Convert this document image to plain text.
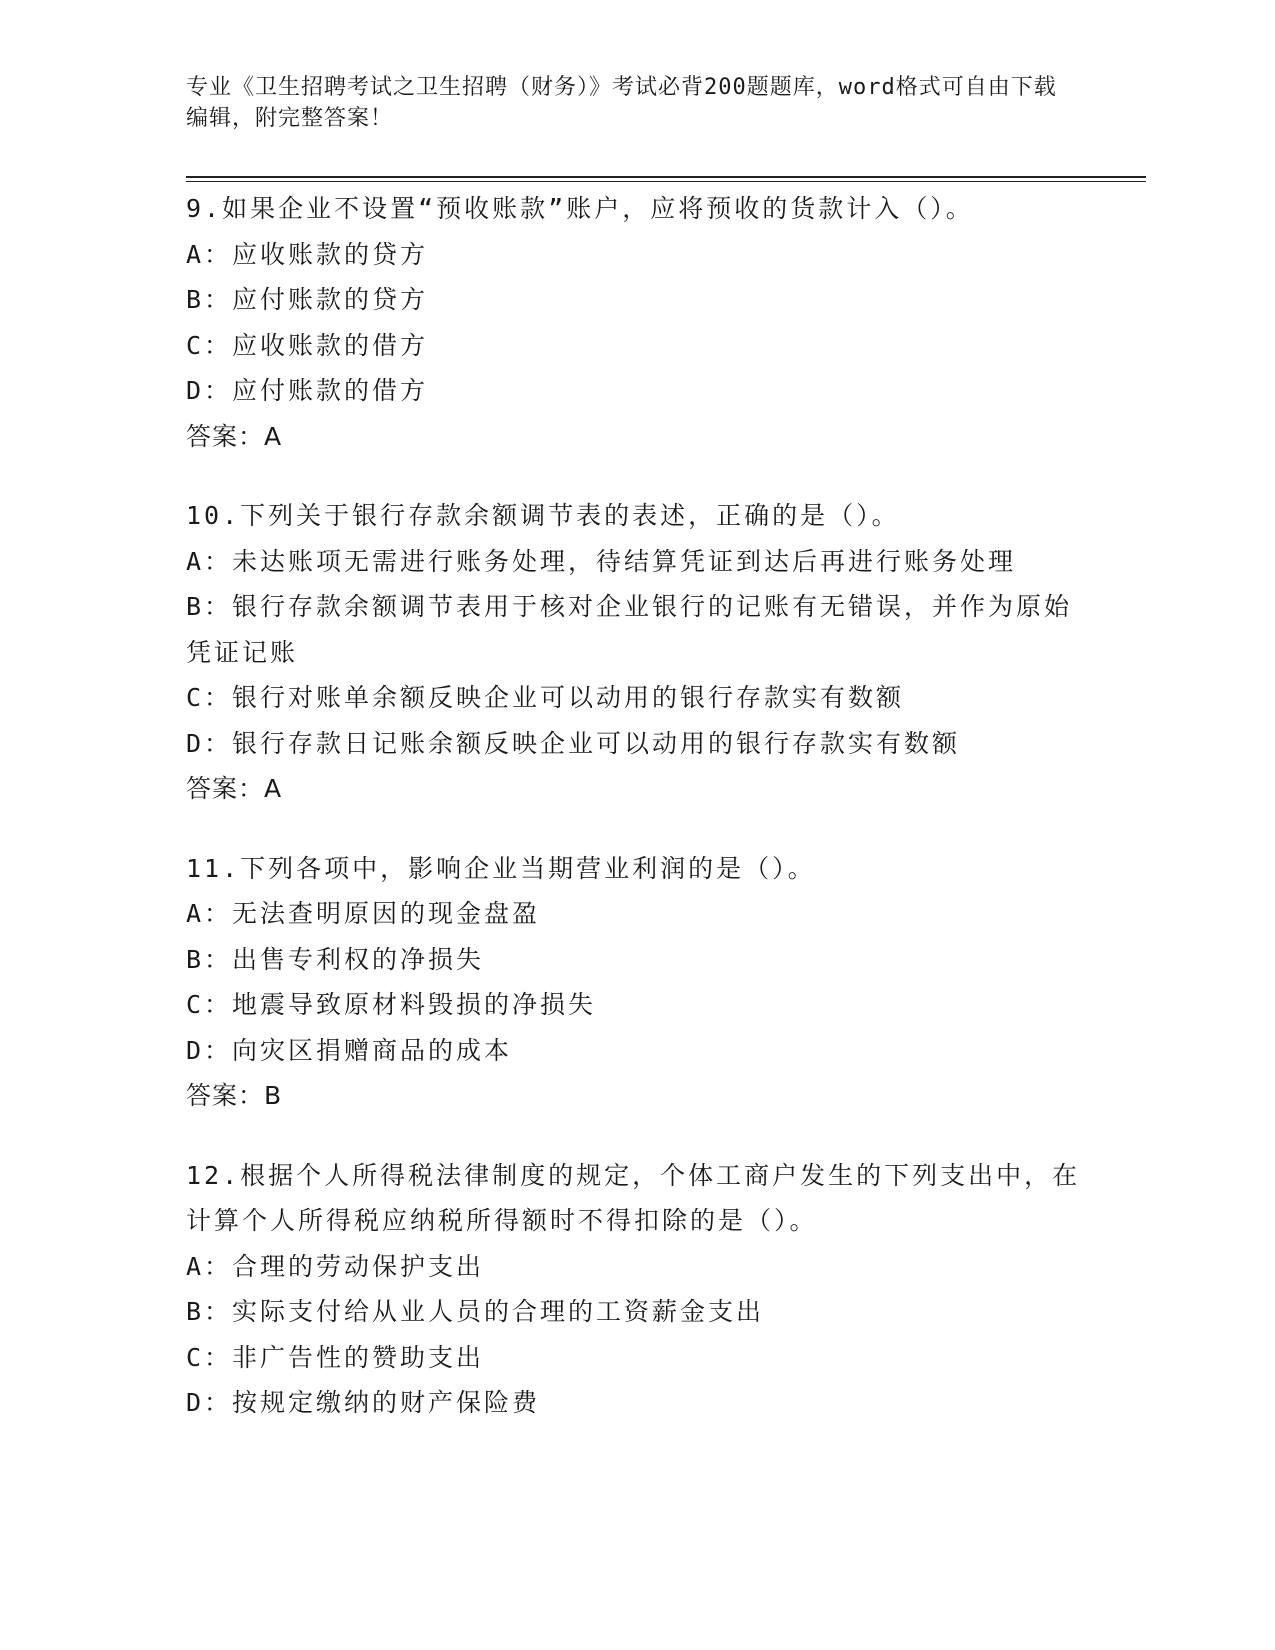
专业《卫生招聘考试之卫生招聘（财务）》考试必背200题题库，word格式可自由下载编辑，附完整答案！

9.如果企业不设置“预收账款”账户，应将预收的货款计入（）。

A：应收账款的贷方

B：应付账款的贷方

C：应收账款的借方

D：应付账款的借方

答案：A

10.下列关于银行存款余额调节表的表述，正确的是（）。

A：未达账项无需进行账务处理，待结算凭证到达后再进行账务处理

B：银行存款余额调节表用于核对企业银行的记账有无错误，并作为原始凭证记账

C：银行对账单余额反映企业可以动用的银行存款实有数额

D：银行存款日记账余额反映企业可以动用的银行存款实有数额

答案：A

11.下列各项中，影响企业当期营业利润的是（）。

A：无法查明原因的现金盘盈

B：出售专利权的净损失

C：地震导致原材料毁损的净损失

D：向灾区捐赠商品的成本

答案：B

12.根据个人所得税法律制度的规定，个体工商户发生的下列支出中，在计算个人所得税应纳税所得额时不得扣除的是（）。

A：合理的劳动保护支出

B：实际支付给从业人员的合理的工资薪金支出

C：非广告性的赞助支出

D：按规定缴纳的财产保险费
